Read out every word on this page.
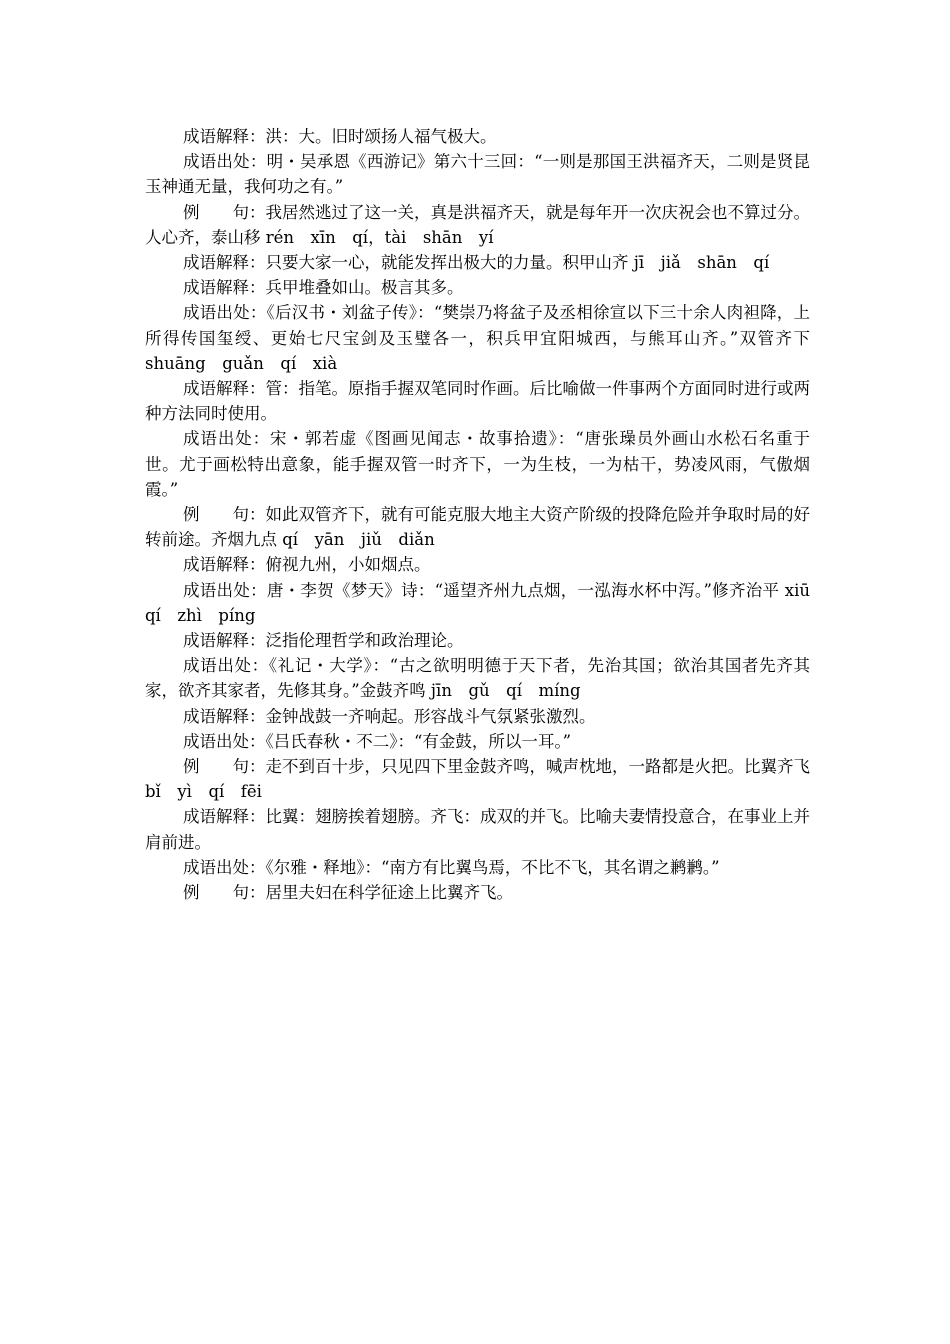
成语解释：洪：大。旧时颂扬人福气极大。

成语出处：明・吴承恩《西游记》第六十三回：“一则是那国王洪福齐天，二则是贤昆玉神通无量，我何功之有。”

例　　句：我居然逃过了这一关，真是洪福齐天，就是每年开一次庆祝会也不算过分。人心齐，泰山移 rén　xīn　qí，tài　shān　yí

成语解释：只要大家一心，就能发挥出极大的力量。积甲山齐 jī　jiǎ　shān　qí

成语解释：兵甲堆叠如山。极言其多。

成语出处：《后汉书・刘盆子传》：“樊崇乃将盆子及丞相徐宣以下三十余人肉袒降，上所得传国玺绶、更始七尺宝剑及玉璧各一，积兵甲宜阳城西，与熊耳山齐。”双管齐下 shuāng　guǎn　qí　xià

成语解释：管：指笔。原指手握双笔同时作画。后比喻做一件事两个方面同时进行或两种方法同时使用。

成语出处：宋・郭若虚《图画见闻志・故事拾遗》：“唐张璪员外画山水松石名重于世。尤于画松特出意象，能手握双管一时齐下，一为生枝，一为枯干，势凌风雨，气傲烟霞。”

例　　句：如此双管齐下，就有可能克服大地主大资产阶级的投降危险并争取时局的好转前途。齐烟九点 qí　yān　jiǔ　diǎn

成语解释：俯视九州，小如烟点。

成语出处：唐・李贺《梦天》诗：“遥望齐州九点烟，一泓海水杯中泻。”修齐治平 xiū　qí　zhì　píng

成语解释：泛指伦理哲学和政治理论。

成语出处：《礼记・大学》：“古之欲明明德于天下者，先治其国；欲治其国者先齐其家，欲齐其家者，先修其身。”金鼓齐鸣 jīn　gǔ　qí　míng

成语解释：金钟战鼓一齐响起。形容战斗气氛紧张激烈。

成语出处：《吕氏春秋・不二》：“有金鼓，所以一耳。”

例　　句：走不到百十步，只见四下里金鼓齐鸣，喊声枕地，一路都是火把。比翼齐飞 bǐ　yì　qí　fēi

成语解释：比翼：翅膀挨着翅膀。齐飞：成双的并飞。比喻夫妻情投意合，在事业上并肩前进。

成语出处：《尔雅・释地》：“南方有比翼鸟焉，不比不飞，其名谓之鹣鹣。”

例　　句：居里夫妇在科学征途上比翼齐飞。
